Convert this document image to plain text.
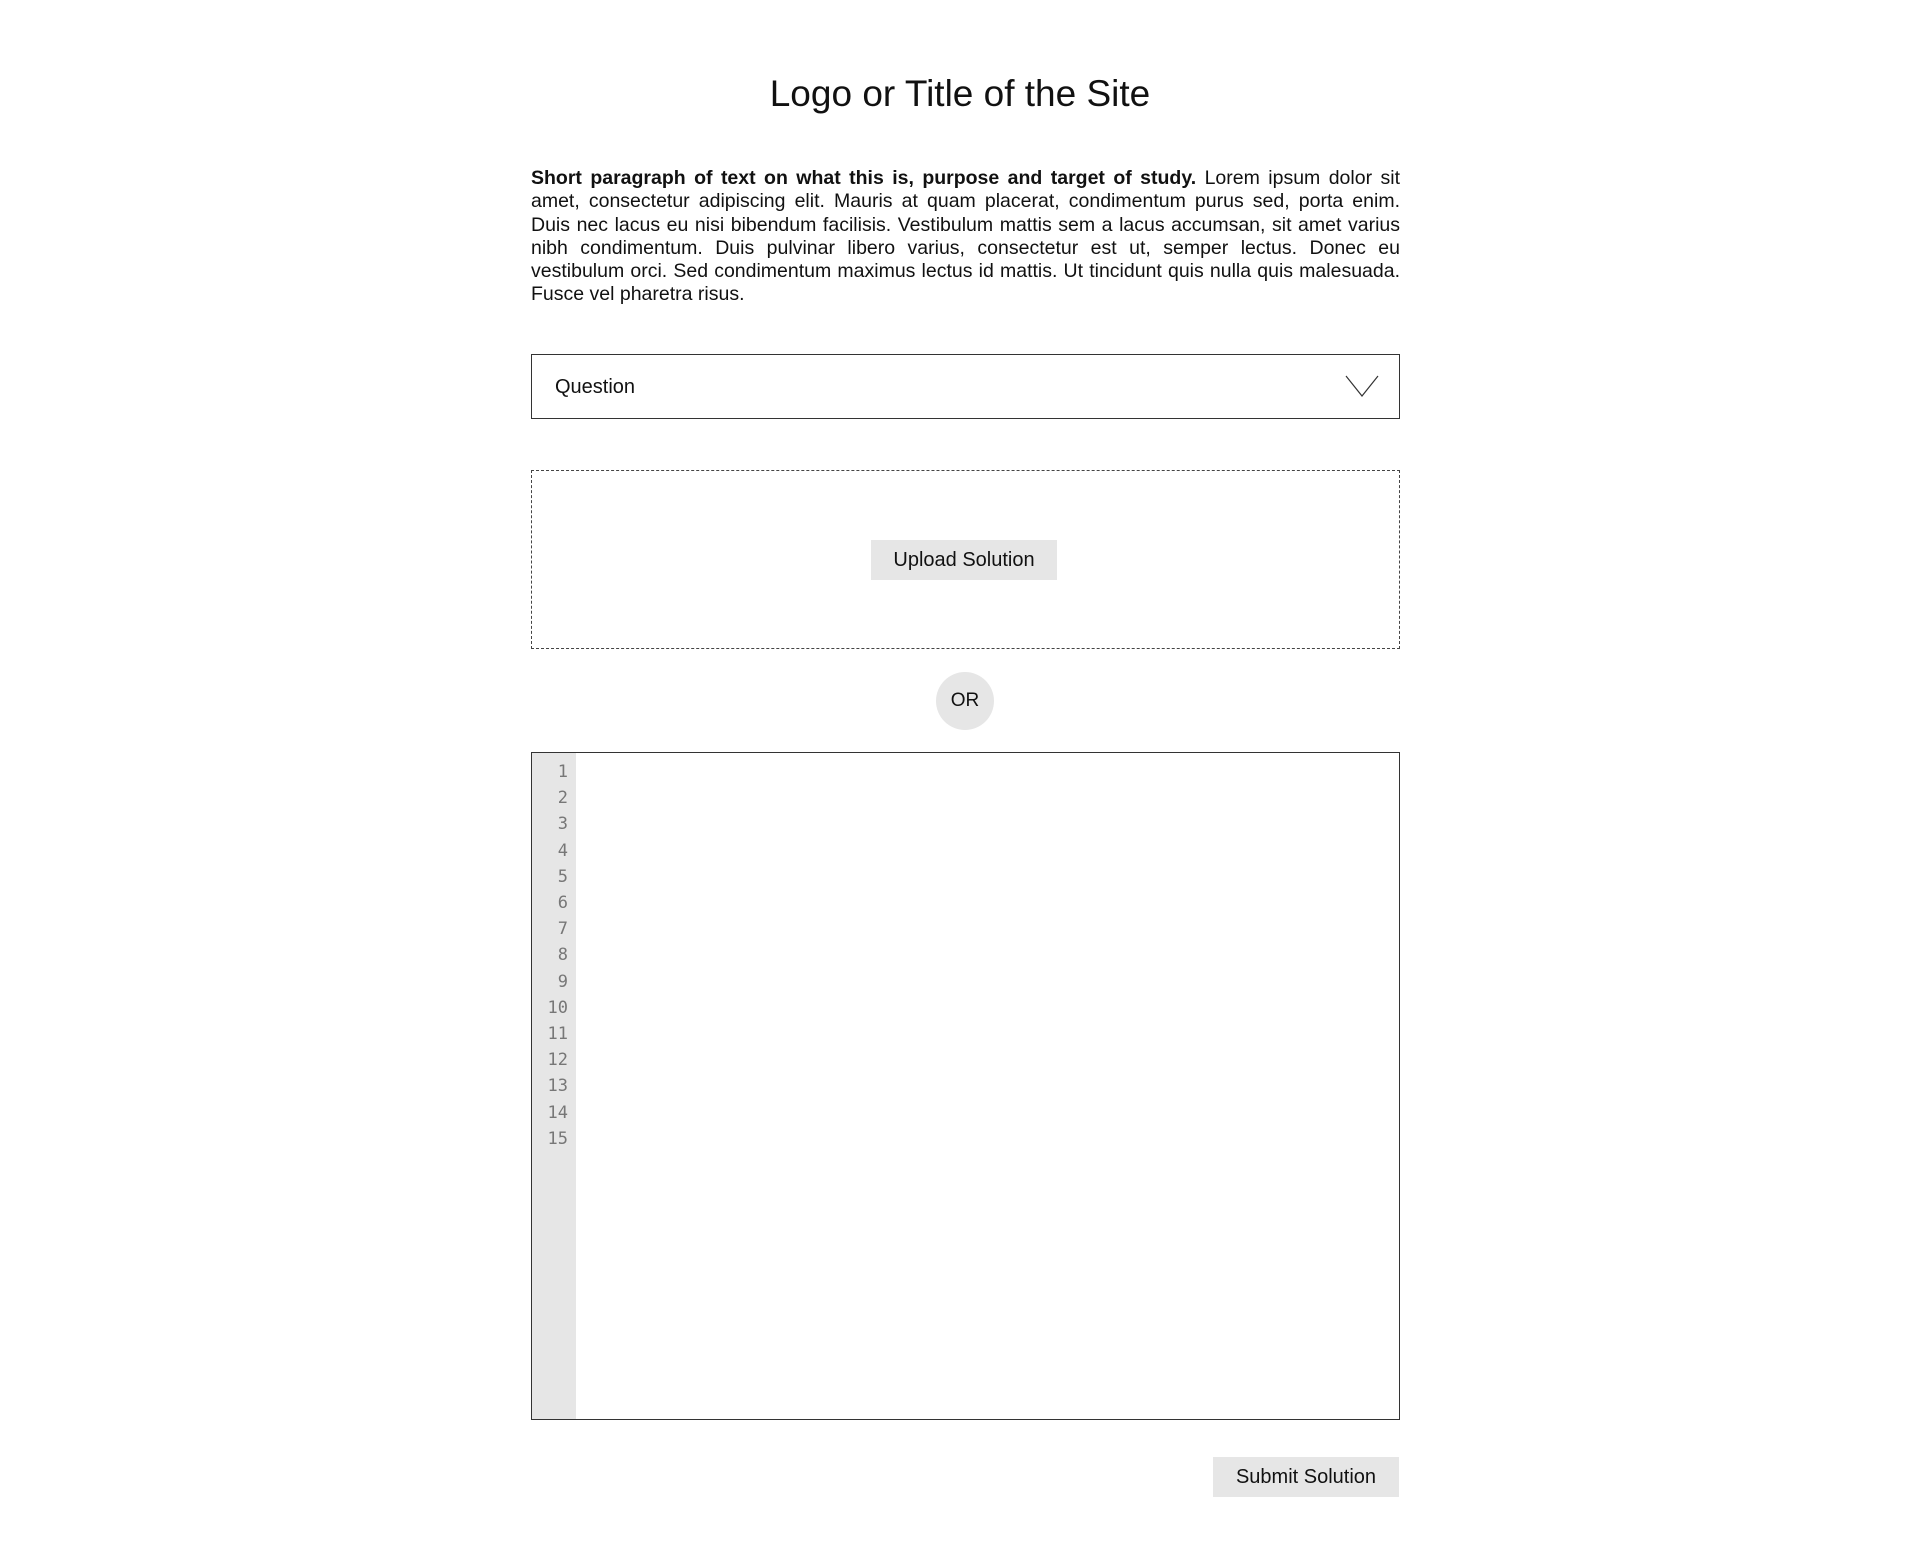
Logo or Title of the Site

Short paragraph of text on what this is, purpose and target of study. Lorem ipsum dolor sit amet, consectetur adipiscing elit. Mauris at quam placerat, condimentum purus sed, porta enim. Duis nec lacus eu nisi bibendum facilisis. Vestibulum mattis sem a lacus accumsan, sit amet varius nibh condimentum. Duis pulvinar libero varius, consectetur est ut, semper lectus. Donec eu vestibulum orci. Sed condimentum maximus lectus id mattis. Ut tincidunt quis nulla quis malesuada. Fusce vel pharetra risus.

Question
Upload Solution
OR
1
2
3
4
5
6
7
8
9
10
11
12
13
14
15
Submit Solution
